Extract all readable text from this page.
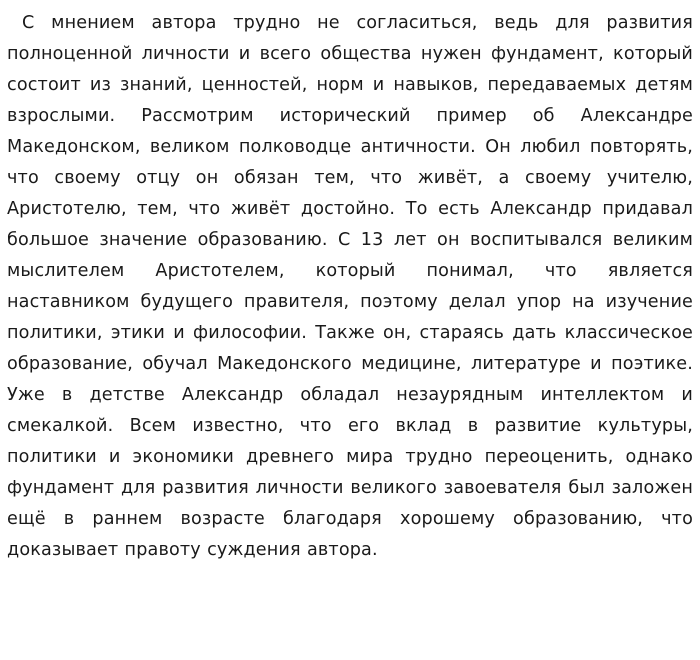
С мнением автора трудно не согласиться, ведь для развития полноценной личности и всего общества нужен фундамент, который состоит из знаний, ценностей, норм и навыков, передаваемых детям взрослыми. Рассмотрим исторический пример об Александре Македонском, великом полководце античности. Он любил повторять, что своему отцу он обязан тем, что живёт, а своему учителю, Аристотелю, тем, что живёт достойно. То есть Александр придавал большое значение образованию. С 13 лет он воспитывался великим мыслителем Аристотелем, который понимал, что является наставником будущего правителя, поэтому делал упор на изучение политики, этики и философии. Также он, стараясь дать классическое образование, обучал Македонского медицине, литературе и поэтике. Уже в детстве Александр обладал незаурядным интеллектом и смекалкой. Всем известно, что его вклад в развитие культуры, политики и экономики древнего мира трудно переоценить, однако фундамент для развития личности великого завоевателя был заложен ещё в раннем возрасте благодаря хорошему образованию, что доказывает правоту суждения автора.
